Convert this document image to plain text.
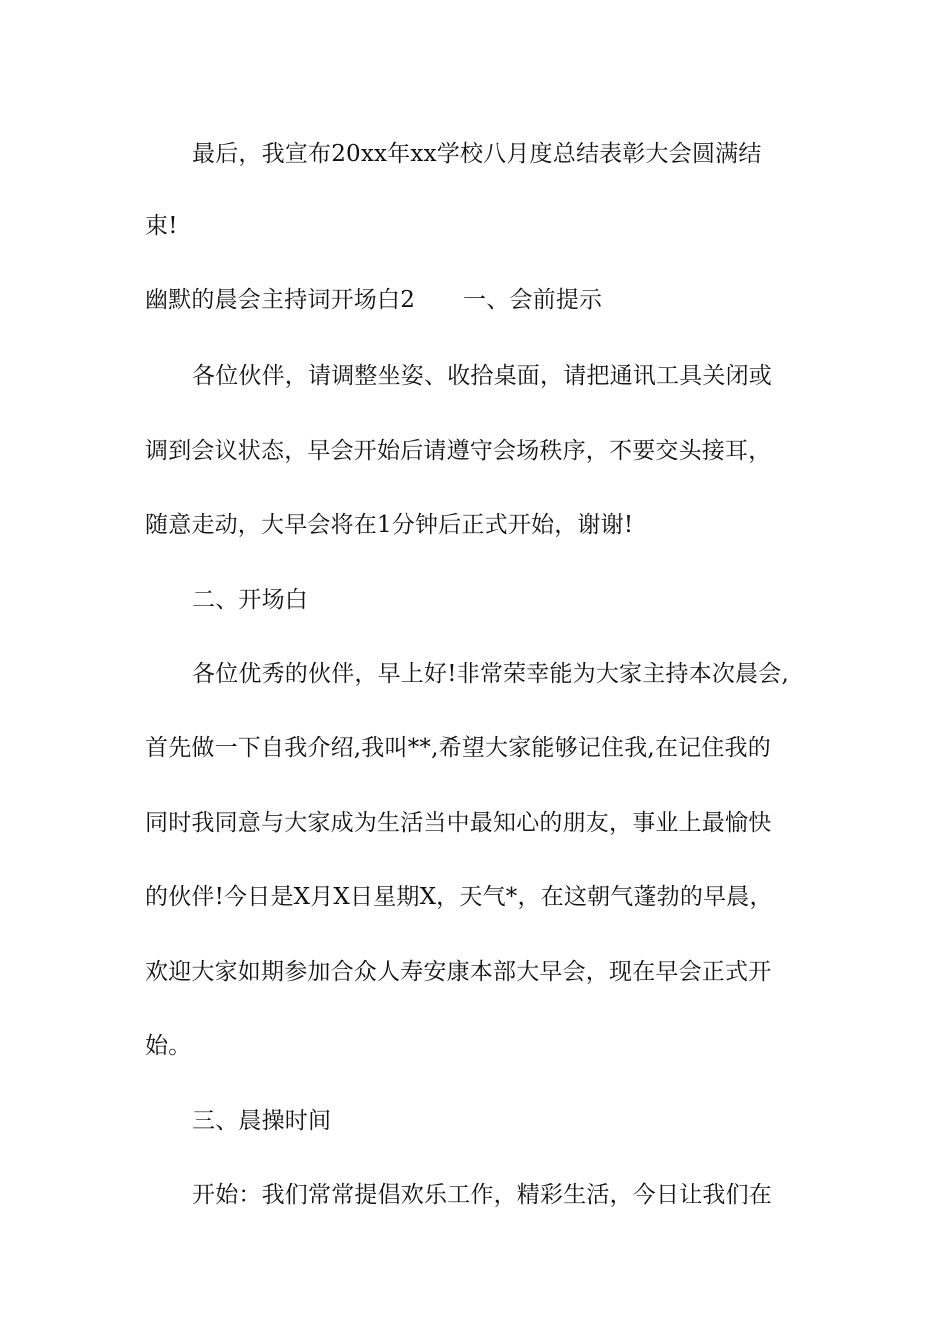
最后，我宣布20xx年xx学校八月度总结表彰大会圆满结
束!
幽默的晨会主持词开场白2 一、会前提示
各位伙伴，请调整坐姿、收拾桌面，请把通讯工具关闭或
调到会议状态，早会开始后请遵守会场秩序，不要交头接耳，
随意走动，大早会将在1分钟后正式开始，谢谢!
二、开场白
各位优秀的伙伴，早上好!非常荣幸能为大家主持本次晨会,
首先做一下自我介绍,我叫**,希望大家能够记住我,在记住我的
同时我同意与大家成为生活当中最知心的朋友，事业上最愉快
的伙伴!今日是X月X日星期X，天气*，在这朝气蓬勃的早晨，
欢迎大家如期参加合众人寿安康本部大早会，现在早会正式开
始。
三、晨操时间
开始：我们常常提倡欢乐工作，精彩生活，今日让我们在
